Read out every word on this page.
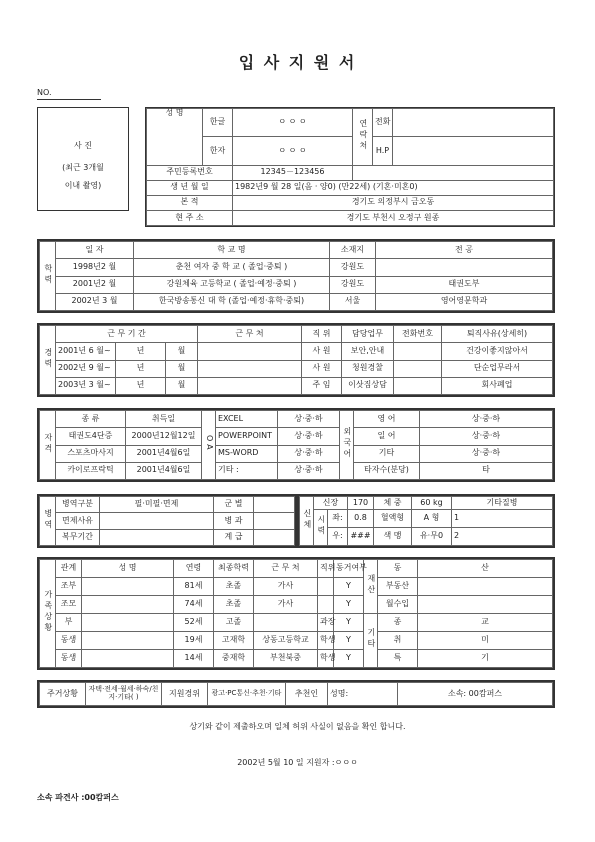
입 사 지 원 서
NO.
사 진
(최근 3개월
이내 촬영)
성 명	한글	ㅇ ㅇ ㅇ	연락처	전화	
	한자	ㅇ ㅇ ㅇ		H.P	
주민등록번호		12345－123456			
생 년 월 일		1982년9 월 28 일(음 · 양0) (만22세) (기혼·미혼0)			
본 적		경기도 의정부시 금오동			
현 주 소		경기도 부천시 오정구 원종			
학력	일 자	학 교 명	소재지	전 공
	1998년2 월	춘천 여자 중 학 교 ( 졸업·중퇴 )	강원도	
	2001년2 월	강원체육 고등학교 ( 졸업·예정·중퇴 )	강원도	태권도부
	2002년 3 월	한국방송통신 대 학 (졸업·예정·휴학·중퇴)	서울	영어영문학과
경력	근 무 기 간			근 무 처	직 위	담당업무	전화번호	퇴직사유(상세히)
	2001년 6 월~	년	월		사 원	보안,안내		건강이좋지않아서
	2002년 9 월~	년	월		사 원	청원경찰		단순업무라서
	2003년 3 월~	년	월		주 임	이삿짐상담		회사폐업
자격	종 류	취득일	OA	EXCEL	상·중·하	외국어	영 어	상·중·하
	태권도4단증	2000년12월12일		POWERPOINT	상·중·하		일 어	상·중·하
	스포츠마사지	2001년4월6일		MS-WORD	상·중·하		기타	상·중·하
	카이로프락틱	2001년4월6일		기타 :	상·중·하		타자수(분당)	타
병역	병역구분	필·미필·면제	군 별	
	면제사유		병 과	
	복무기간		계 급	
신체	신장		170	체 중	60 kg	기타질병
	시력	좌:	0.8	혈액형	A 형	1
		우:	###	색 맹	유·무0	2
가족상황	관계	성 명	연령	최종학력	근 무 처	직위	동거여부	재산	동	산
	조부		81세	초졸	가사		Y		부동산	
	조모		74세	초졸	가사		Y		월수입	
	부		52세	고졸		과장	Y	기타	종	교
	동생		19세	고재학	상동고등학교	학생	Y		취	미
	동생		14세	중재학	부천북중	학생	Y		특	기
주거상황	자택·전세·월세·하숙/친지·기타( )	지원경위	광고·PC통신·추천·기타	추천인	성명:	소속: 00캄퍼스
상기와 같이 제출하오며 일체 허위 사실이 없음을 확인 합니다.
2002년 5월 10 일 지원자 :ㅇㅇㅇ
소속 파견사 :00캄퍼스
